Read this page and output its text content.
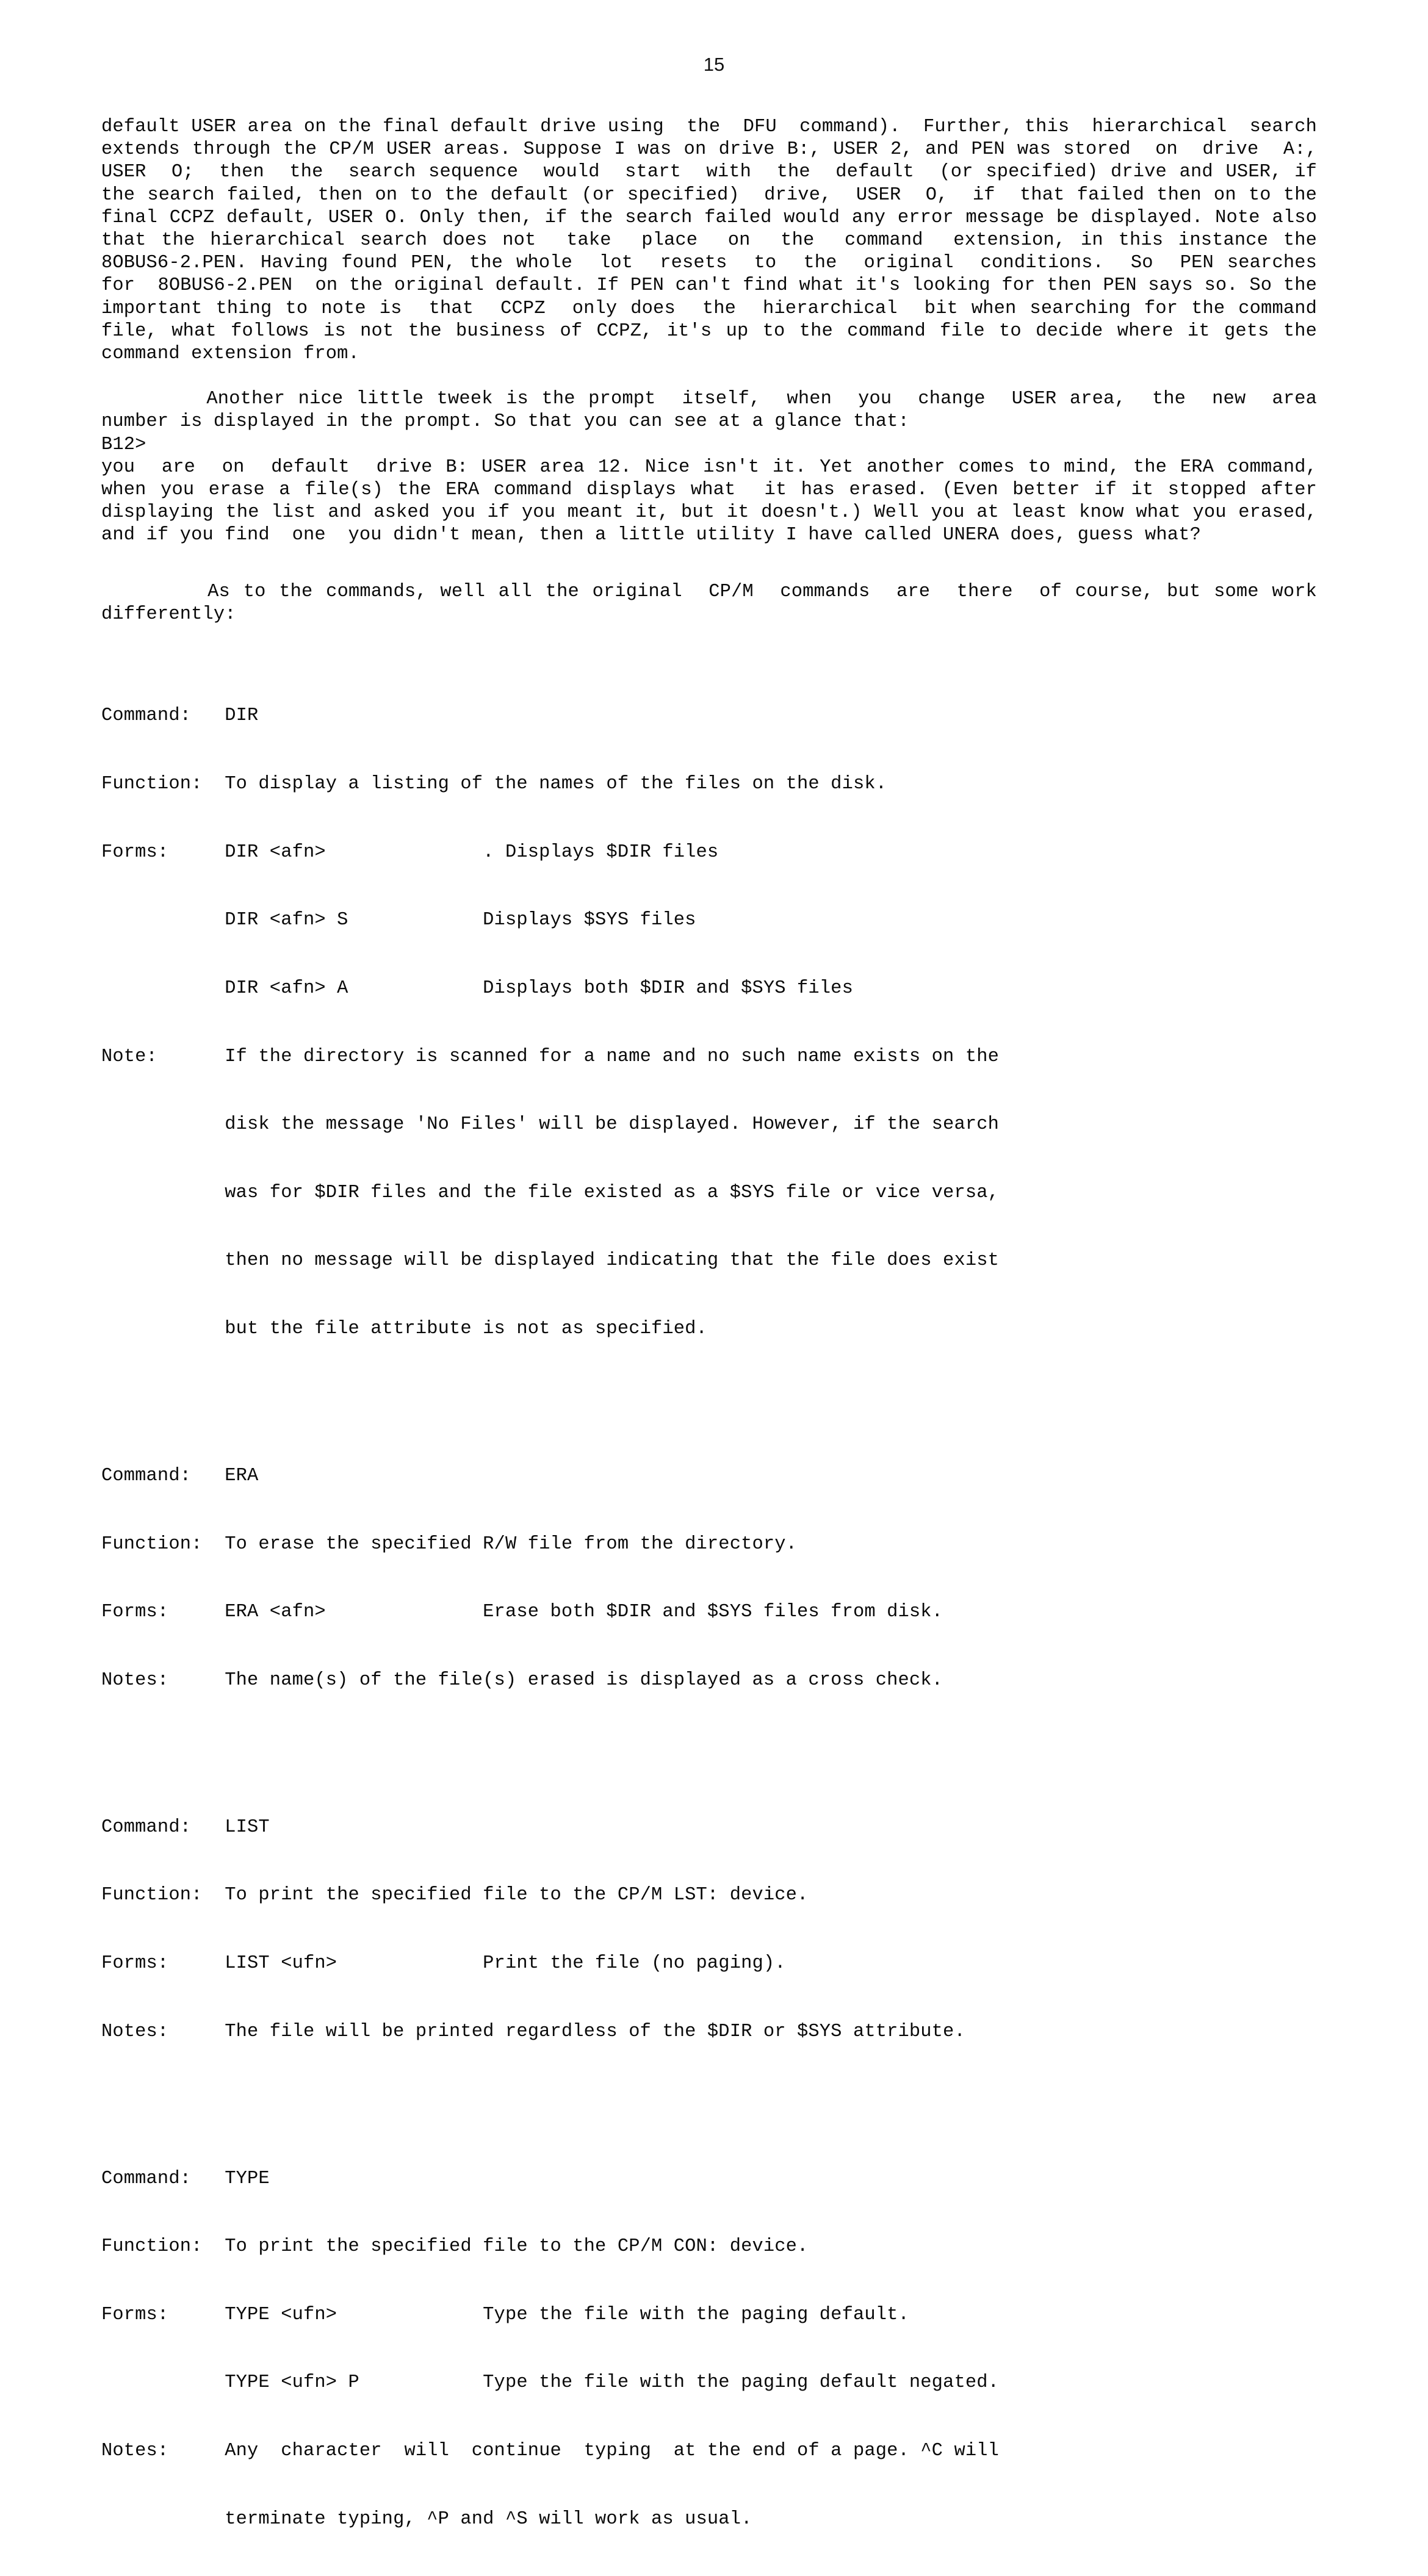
15

default USER area on the final default drive using  the  DFU  command).  Further, this  hierarchical  search  extends through the CP/M USER areas. Suppose I was on drive B:, USER 2, and PEN was stored  on  drive  A:,  USER  O;  then  the  search sequence  would  start  with  the  default  (or specified) drive and USER, if the search failed, then on to the default (or specified)  drive,  USER  O,  if  that failed then on to the final CCPZ default, USER O. Only then, if the search failed would any error message be displayed. Note also that the hierarchical search does not  take  place  on  the  command  extension, in this instance the 8OBUS6-2.PEN. Having found PEN, the whole  lot  resets  to  the  original  conditions.  So  PEN searches  for  8OBUS6-2.PEN  on the original default. If PEN can't find what it's looking for then PEN says so. So the important thing to note is  that  CCPZ  only does  the  hierarchical  bit when searching for the command file, what follows is not the business of CCPZ, it's up to the command file to decide where it gets the command extension from.

Another nice little tweek is the prompt  itself,  when  you  change  USER area,  the  new  area number is displayed in the prompt. So that you can see at a glance that:

B12>

you  are  on  default  drive B: USER area 12. Nice isn't it. Yet another comes to mind, the ERA command, when you erase a file(s) the ERA command displays what  it has erased. (Even better if it stopped after displaying the list and asked you if you meant it, but it doesn't.) Well you at least know what you erased, and if you find  one  you didn't mean, then a little utility I have called UNERA does, guess what?

As to the commands, well all the original  CP/M  commands  are  there  of course, but some work differently:

Command:   DIR

Function:  To display a listing of the names of the files on the disk.

Forms:     DIR <afn>              . Displays $DIR files

DIR <afn> S            Displays $SYS files

DIR <afn> A            Displays both $DIR and $SYS files

Note:      If the directory is scanned for a name and no such name exists on the

disk the message 'No Files' will be displayed. However, if the search

was for $DIR files and the file existed as a $SYS file or vice versa,

then no message will be displayed indicating that the file does exist

but the file attribute is not as specified.

Command:   ERA

Function:  To erase the specified R/W file from the directory.

Forms:     ERA <afn>              Erase both $DIR and $SYS files from disk.

Notes:     The name(s) of the file(s) erased is displayed as a cross check.

Command:   LIST

Function:  To print the specified file to the CP/M LST: device.

Forms:     LIST <ufn>             Print the file (no paging).

Notes:     The file will be printed regardless of the $DIR or $SYS attribute.

Command:   TYPE

Function:  To print the specified file to the CP/M CON: device.

Forms:     TYPE <ufn>             Type the file with the paging default.

TYPE <ufn> P           Type the file with the paging default negated.

Notes:     Any  character  will  continue  typing  at the end of a page. ^C will

terminate typing, ^P and ^S will work as usual.
